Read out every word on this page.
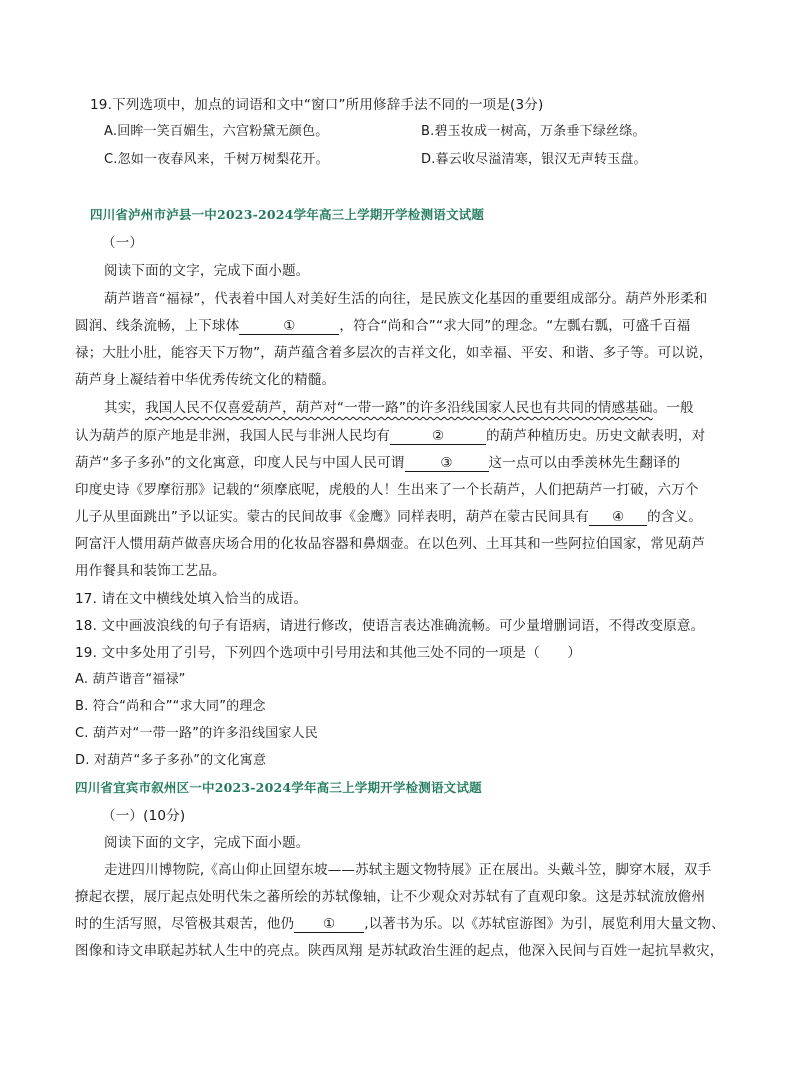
19.下列选项中，加点的词语和文中“窗口”所用修辞手法不同的一项是(3分)
A.回眸一笑百媚生，六宫粉黛无颜色。	B.碧玉妆成一树高，万条垂下绿丝绦。
C.忽如一夜春风来，千树万树梨花开。	D.暮云收尽溢清寒，银汉无声转玉盘。
四川省泸州市泸县一中2023-2024学年高三上学期开学检测语文试题
（一）
阅读下面的文字，完成下面小题。
葫芦谐音“福禄”，代表着中国人对美好生活的向往，是民族文化基因的重要组成部分。葫芦外形柔和
圆润、线条流畅，上下球体	①	，符合“尚和合”“求大同”的理念。“左瓢右瓢，可盛千百福
禄；大肚小肚，能容天下万物”，葫芦蕴含着多层次的吉祥文化，如幸福、平安、和谐、多子等。可以说，
葫芦身上凝结着中华优秀传统文化的精髓。
其实，我国人民不仅喜爱葫芦，葫芦对“一带一路”的许多沿线国家人民也有共同的情感基础。一般
认为葫芦的原产地是非洲，我国人民与非洲人民均有	②	的葫芦种植历史。历史文献表明，对
葫芦“多子多孙”的文化寓意，印度人民与中国人民可谓	③	这一点可以由季羡林先生翻译的
印度史诗《罗摩衍那》记载的“须摩底呢，虎般的人！生出来了一个长葫芦，人们把葫芦一打破，六万个
儿子从里面跳出”予以证实。蒙古的民间故事《金鹰》同样表明，葫芦在蒙古民间具有 ④ 的含义。
阿富汗人惯用葫芦做喜庆场合用的化妆品容器和鼻烟壶。在以色列、土耳其和一些阿拉伯国家，常见葫芦
用作餐具和装饰工艺品。
17. 请在文中横线处填入恰当的成语。
18. 文中画波浪线的句子有语病，请进行修改，使语言表达准确流畅。可少量增删词语，不得改变原意。
19. 文中多处用了引号，下列四个选项中引号用法和其他三处不同的一项是（　　）
A. 葫芦谐音“福禄”
B. 符合“尚和合”“求大同”的理念
C. 葫芦对“一带一路”的许多沿线国家人民
D. 对葫芦“多子多孙”的文化寓意
四川省宜宾市叙州区一中2023-2024学年高三上学期开学检测语文试题
（一）(10分)
阅读下面的文字，完成下面小题。
走进四川博物院,《高山仰止回望东坡——苏轼主题文物特展》正在展出。头戴斗笠，脚穿木屐，双手
撩起衣摆，展厅起点处明代朱之蕃所绘的苏轼像轴，让不少观众对苏轼有了直观印象。这是苏轼流放儋州
时的生活写照，尽管极其艰苦，他仍 ① ,以著书为乐。以《苏轼宦游图》为引，展览利用大量文物、
图像和诗文串联起苏轼人生中的亮点。陕西凤翔 是苏轼政治生涯的起点，他深入民间与百姓一起抗旱救灾，
